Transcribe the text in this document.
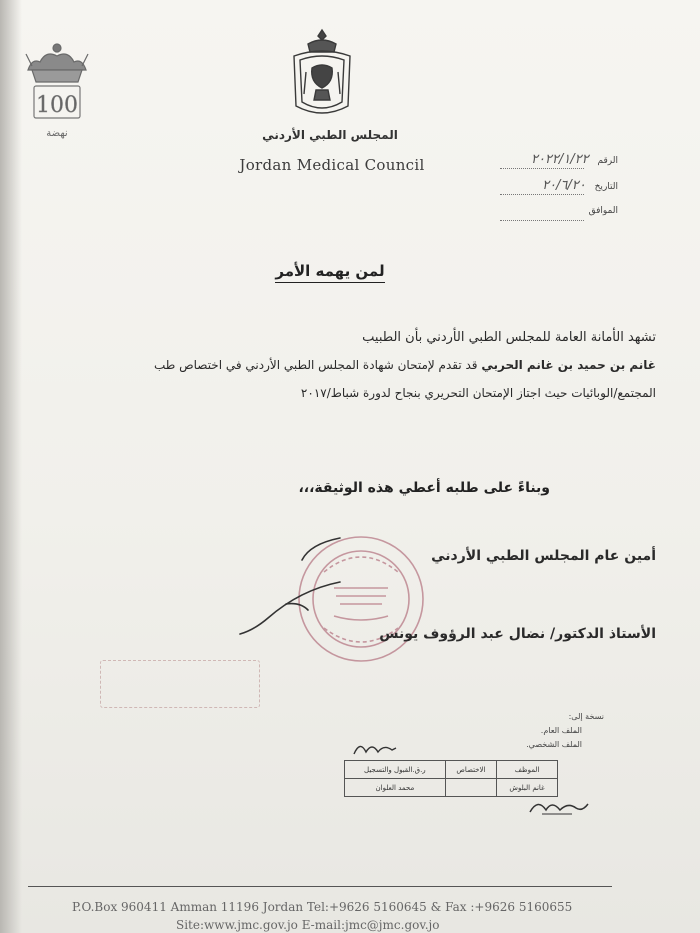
100
نهضة	المجلس الطبي الأردني
Jordan Medical Council	الرقم ٢٠٢٢/١/٢٢
التاريخ ٢٠/٦/٢٠
الموافق
لمن يهمه الأمر
تشهد الأمانة العامة للمجلس الطبي الأردني بأن الطبيب
غانم بن حميد بن غانم الحربي قد تقدم لإمتحان شهادة المجلس الطبي الأردني في اختصاص طب
المجتمع/الوبائيات حيث اجتاز الإمتحان التحريري بنجاح لدورة شباط/٢٠١٧
وبناءً على طلبه أعطي هذه الوثيقة،،،
أمين عام المجلس الطبي الأردني
الأستاذ الدكتور/ نضال عبد الرؤوف يونس
نسخة إلى:
الملف العام.
الملف الشخصي.
الموظف	الاختصاص	ر.ق.القبول والتسجيل
غانم البلوش		محمد العلوان
P.O.Box 960411 Amman 11196 Jordan Tel:+9626 5160645 & Fax :+9626 5160655
Site:www.jmc.gov.jo E-mail:jmc@jmc.gov.jo
